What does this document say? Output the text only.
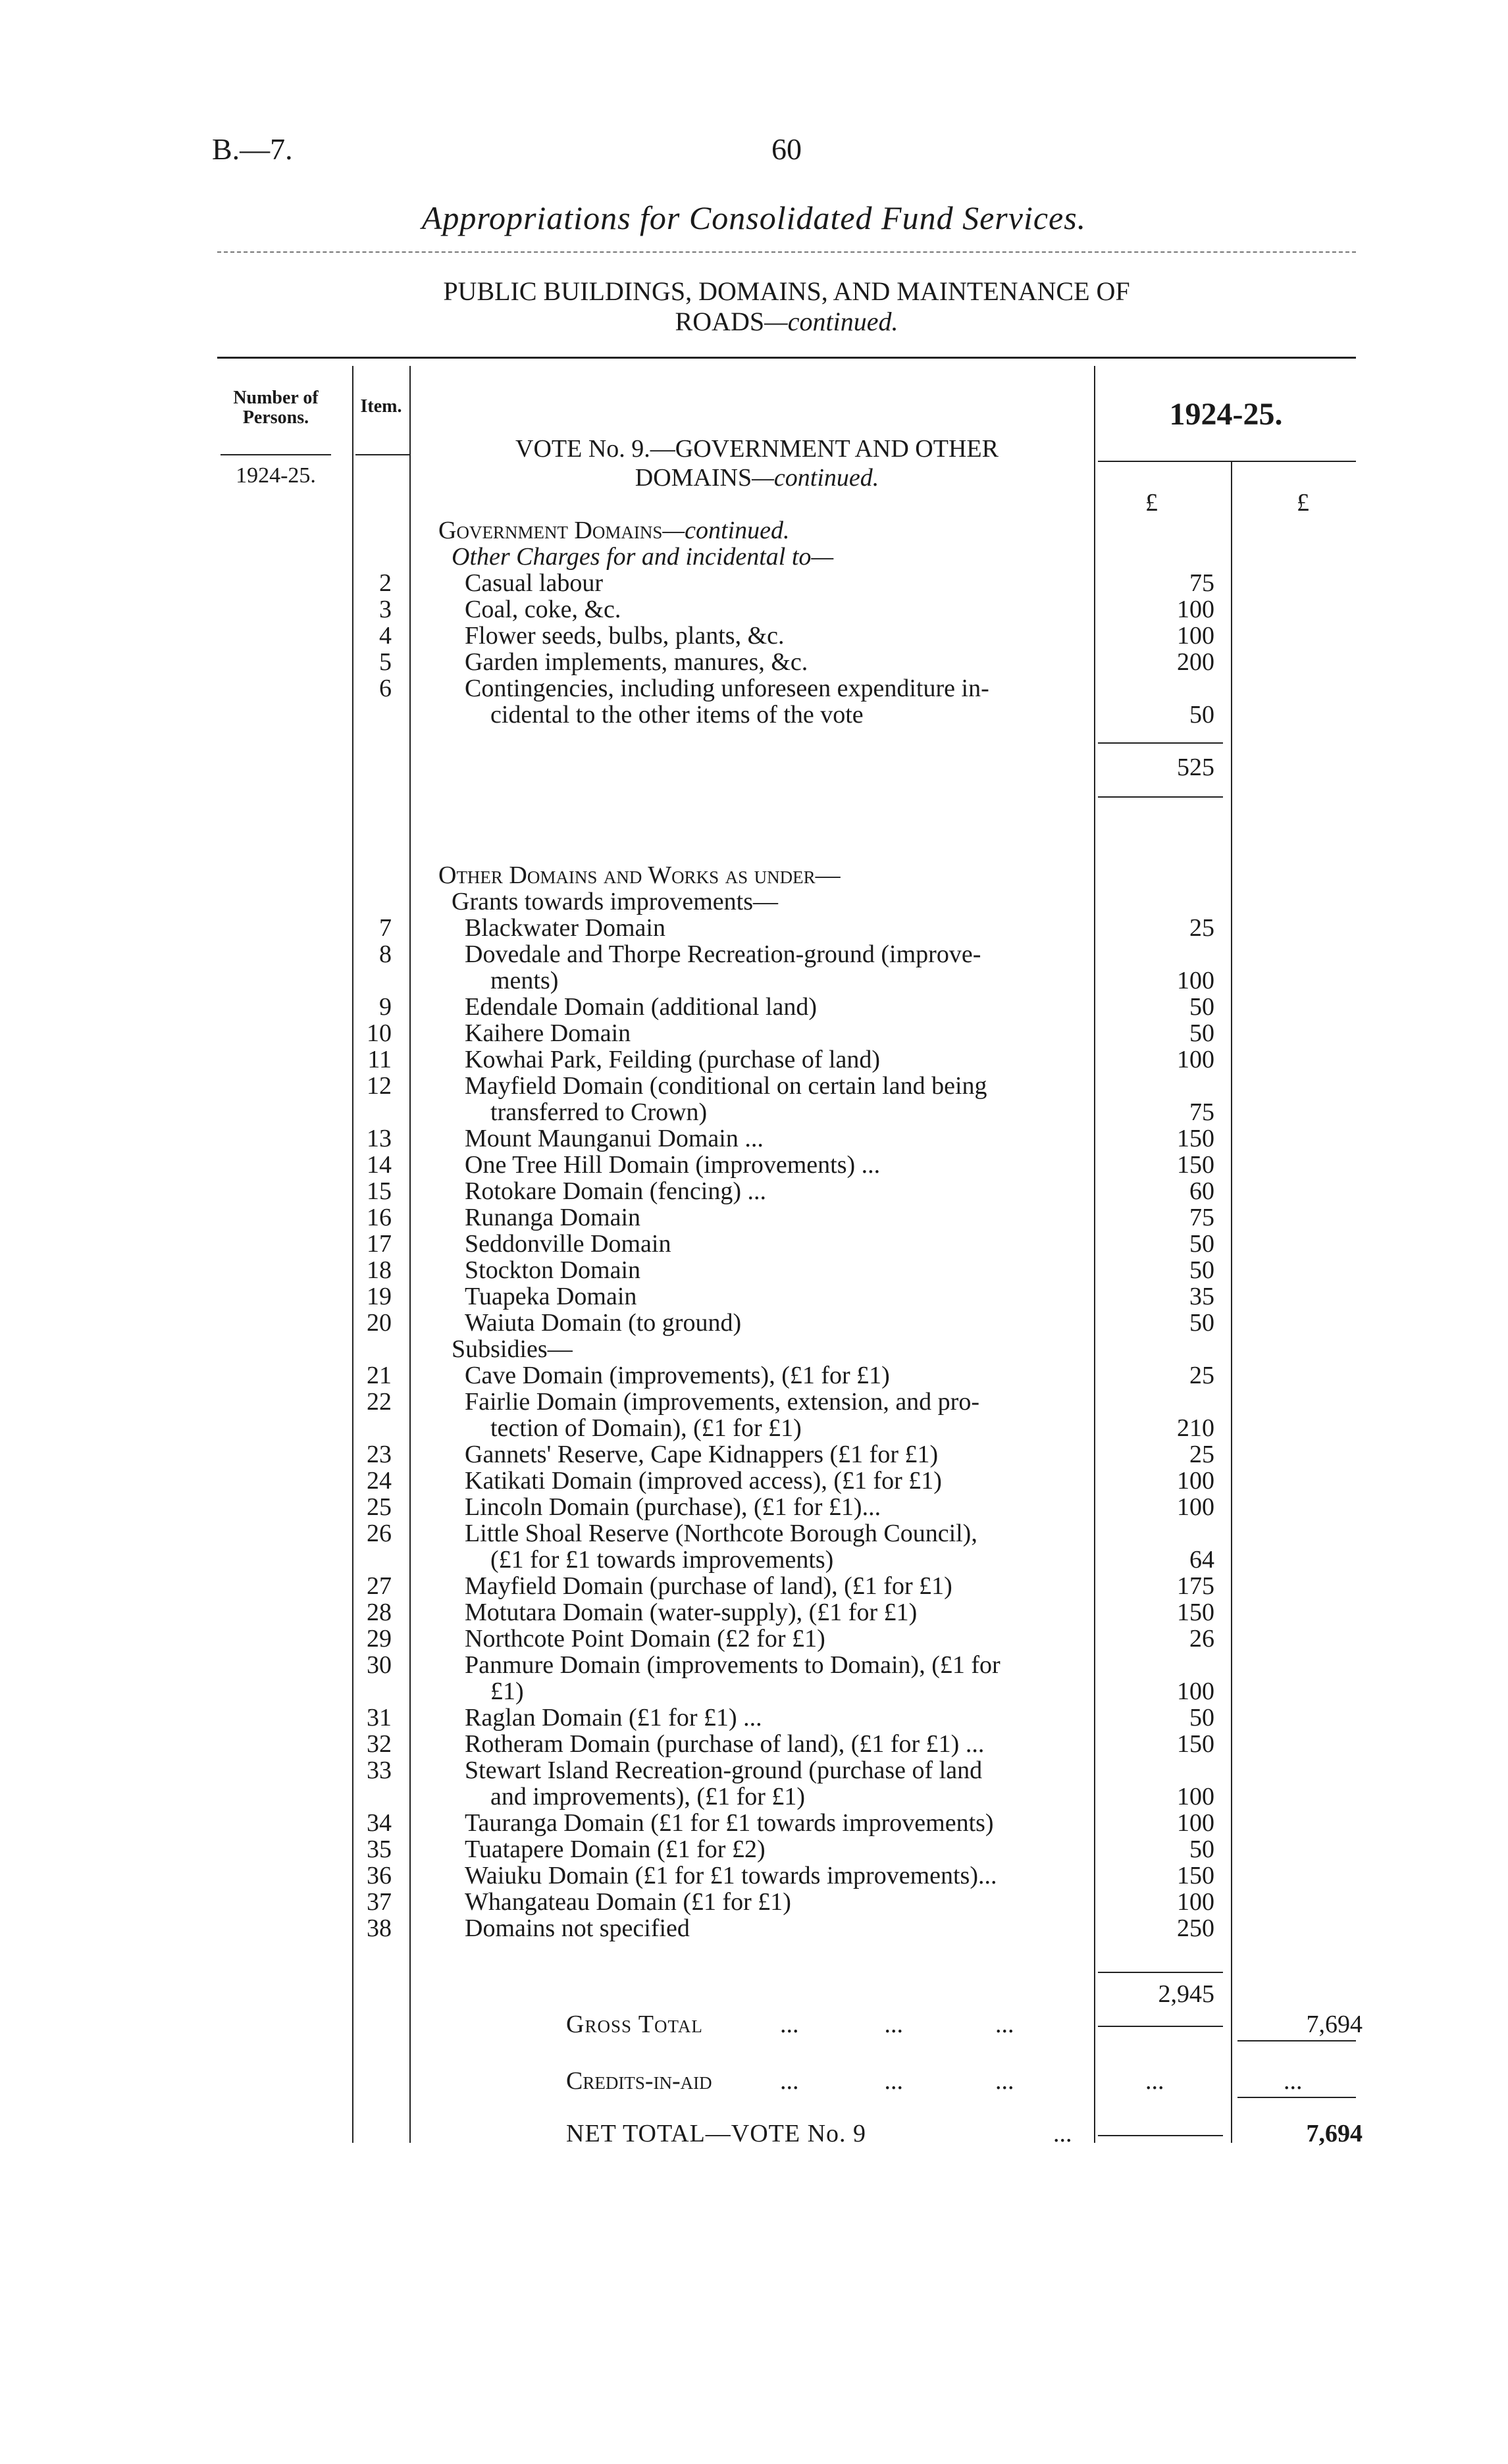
B.—7.	60
Appropriations for Consolidated Fund Services.
PUBLIC BUILDINGS, DOMAINS, AND MAINTENANCE OF
ROADS—continued.
Number of Persons.
Item.
1924-25.
1924-25.
VOTE No. 9.—GOVERNMENT AND OTHER
DOMAINS—continued.
£	£
Government Domains—continued.
Other Charges for and incidental to—
2	Casual labour	75
3	Coal, coke, &c.	100
4	Flower seeds, bulbs, plants, &c.	100
5	Garden implements, manures, &c.	200
6	Contingencies, including unforeseen expenditure in-
cidental to the other items of the vote	50
525
Other Domains and Works as under—
Grants towards improvements—
7	Blackwater Domain	25
8	Dovedale and Thorpe Recreation-ground (improve-
ments)	100
9	Edendale Domain (additional land)	50
10	Kaihere Domain	50
11	Kowhai Park, Feilding (purchase of land)	100
12	Mayfield Domain (conditional on certain land being
transferred to Crown)	75
13	Mount Maunganui Domain ...	150
14	One Tree Hill Domain (improvements) ...	150
15	Rotokare Domain (fencing) ...	60
16	Runanga Domain	75
17	Seddonville Domain	50
18	Stockton Domain	50
19	Tuapeka Domain	35
20	Waiuta Domain (to ground)	50
Subsidies—
21	Cave Domain (improvements), (£1 for £1)	25
22	Fairlie Domain (improvements, extension, and pro-
tection of Domain), (£1 for £1)	210
23	Gannets' Reserve, Cape Kidnappers (£1 for £1)	25
24	Katikati Domain (improved access), (£1 for £1)	100
25	Lincoln Domain (purchase), (£1 for £1)...	100
26	Little Shoal Reserve (Northcote Borough Council),
(£1 for £1 towards improvements)	64
27	Mayfield Domain (purchase of land), (£1 for £1)	175
28	Motutara Domain (water-supply), (£1 for £1)	150
29	Northcote Point Domain (£2 for £1)	26
30	Panmure Domain (improvements to Domain), (£1 for
£1)	100
31	Raglan Domain (£1 for £1) ...	50
32	Rotheram Domain (purchase of land), (£1 for £1) ...	150
33	Stewart Island Recreation-ground (purchase of land
and improvements), (£1 for £1)	100
34	Tauranga Domain (£1 for £1 towards improvements)	100
35	Tuatapere Domain (£1 for £2)	50
36	Waiuku Domain (£1 for £1 towards improvements)...	150
37	Whangateau Domain (£1 for £1)	100
38	Domains not specified	250
2,945
Gross Total	...	...	...	7,694
Credits-in-aid	...	...	...	...	...
NET TOTAL—VOTE No. 9	...	7,694
